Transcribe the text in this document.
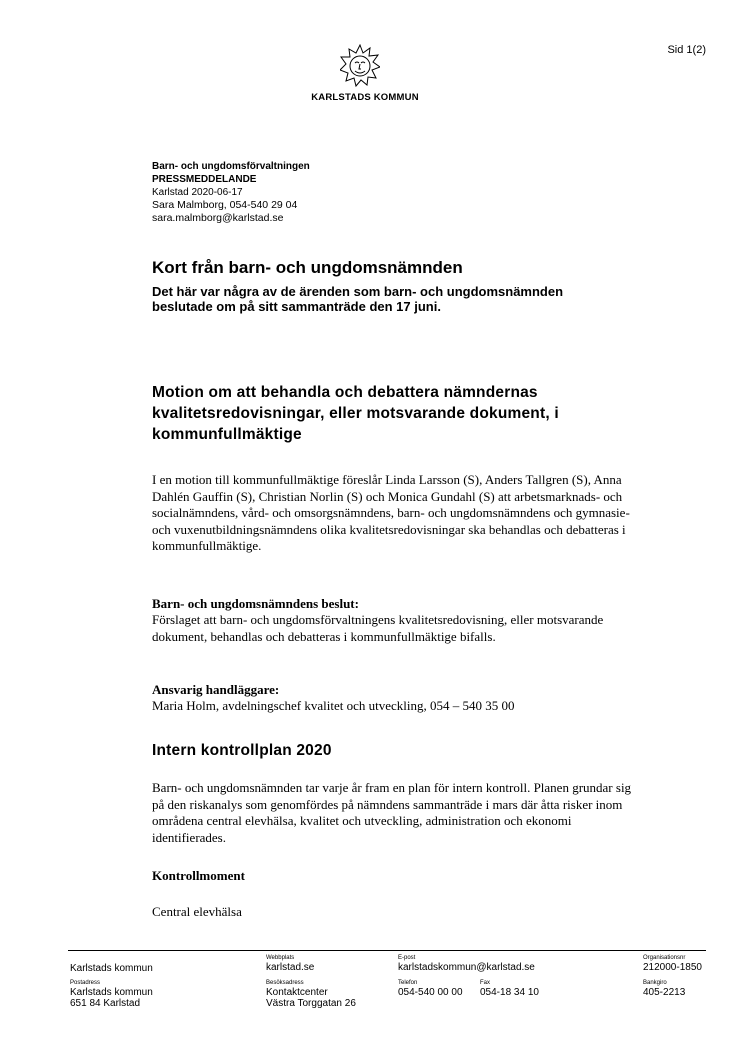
Sid 1(2)
KARLSTADS KOMMUN
Barn- och ungdomsförvaltningen
PRESSMEDDELANDE
Karlstad 2020-06-17
Sara Malmborg, 054-540 29 04
sara.malmborg@karlstad.se
Kort från barn- och ungdomsnämnden
Det här var några av de ärenden som barn- och ungdomsnämnden beslutade om på sitt sammanträde den 17 juni.
Motion om att behandla och debattera nämndernas kvalitetsredovisningar, eller motsvarande dokument, i kommunfullmäktige
I en motion till kommunfullmäktige föreslår Linda Larsson (S), Anders Tallgren (S), Anna Dahlén Gauffin (S), Christian Norlin (S) och Monica Gundahl (S) att arbetsmarknads- och socialnämndens, vård- och omsorgsnämndens, barn- och ungdomsnämndens och gymnasie- och vuxenutbildningsnämndens olika kvalitetsredovisningar ska behandlas och debatteras i kommunfullmäktige.
Barn- och ungdomsnämndens beslut:
Förslaget att barn- och ungdomsförvaltningens kvalitetsredovisning, eller motsvarande dokument, behandlas och debatteras i kommunfullmäktige bifalls.
Ansvarig handläggare:
Maria Holm, avdelningschef kvalitet och utveckling, 054 – 540 35 00
Intern kontrollplan 2020
Barn- och ungdomsnämnden tar varje år fram en plan för intern kontroll. Planen grundar sig på den riskanalys som genomfördes på nämndens sammanträde i mars där åtta risker inom områdena central elevhälsa, kvalitet och utveckling, administration och ekonomi identifierades.
Kontrollmoment
Central elevhälsa
Karlstads kommun
Webbplats
karlstad.se
E-post
karlstadskommun@karlstad.se
Organisationsnr
212000-1850
Postadress
Karlstads kommun
651 84 Karlstad
Besöksadress
Kontaktcenter
Västra Torggatan 26
Telefon
054-540 00 00
Fax
054-18 34 10
Bankgiro
405-2213
